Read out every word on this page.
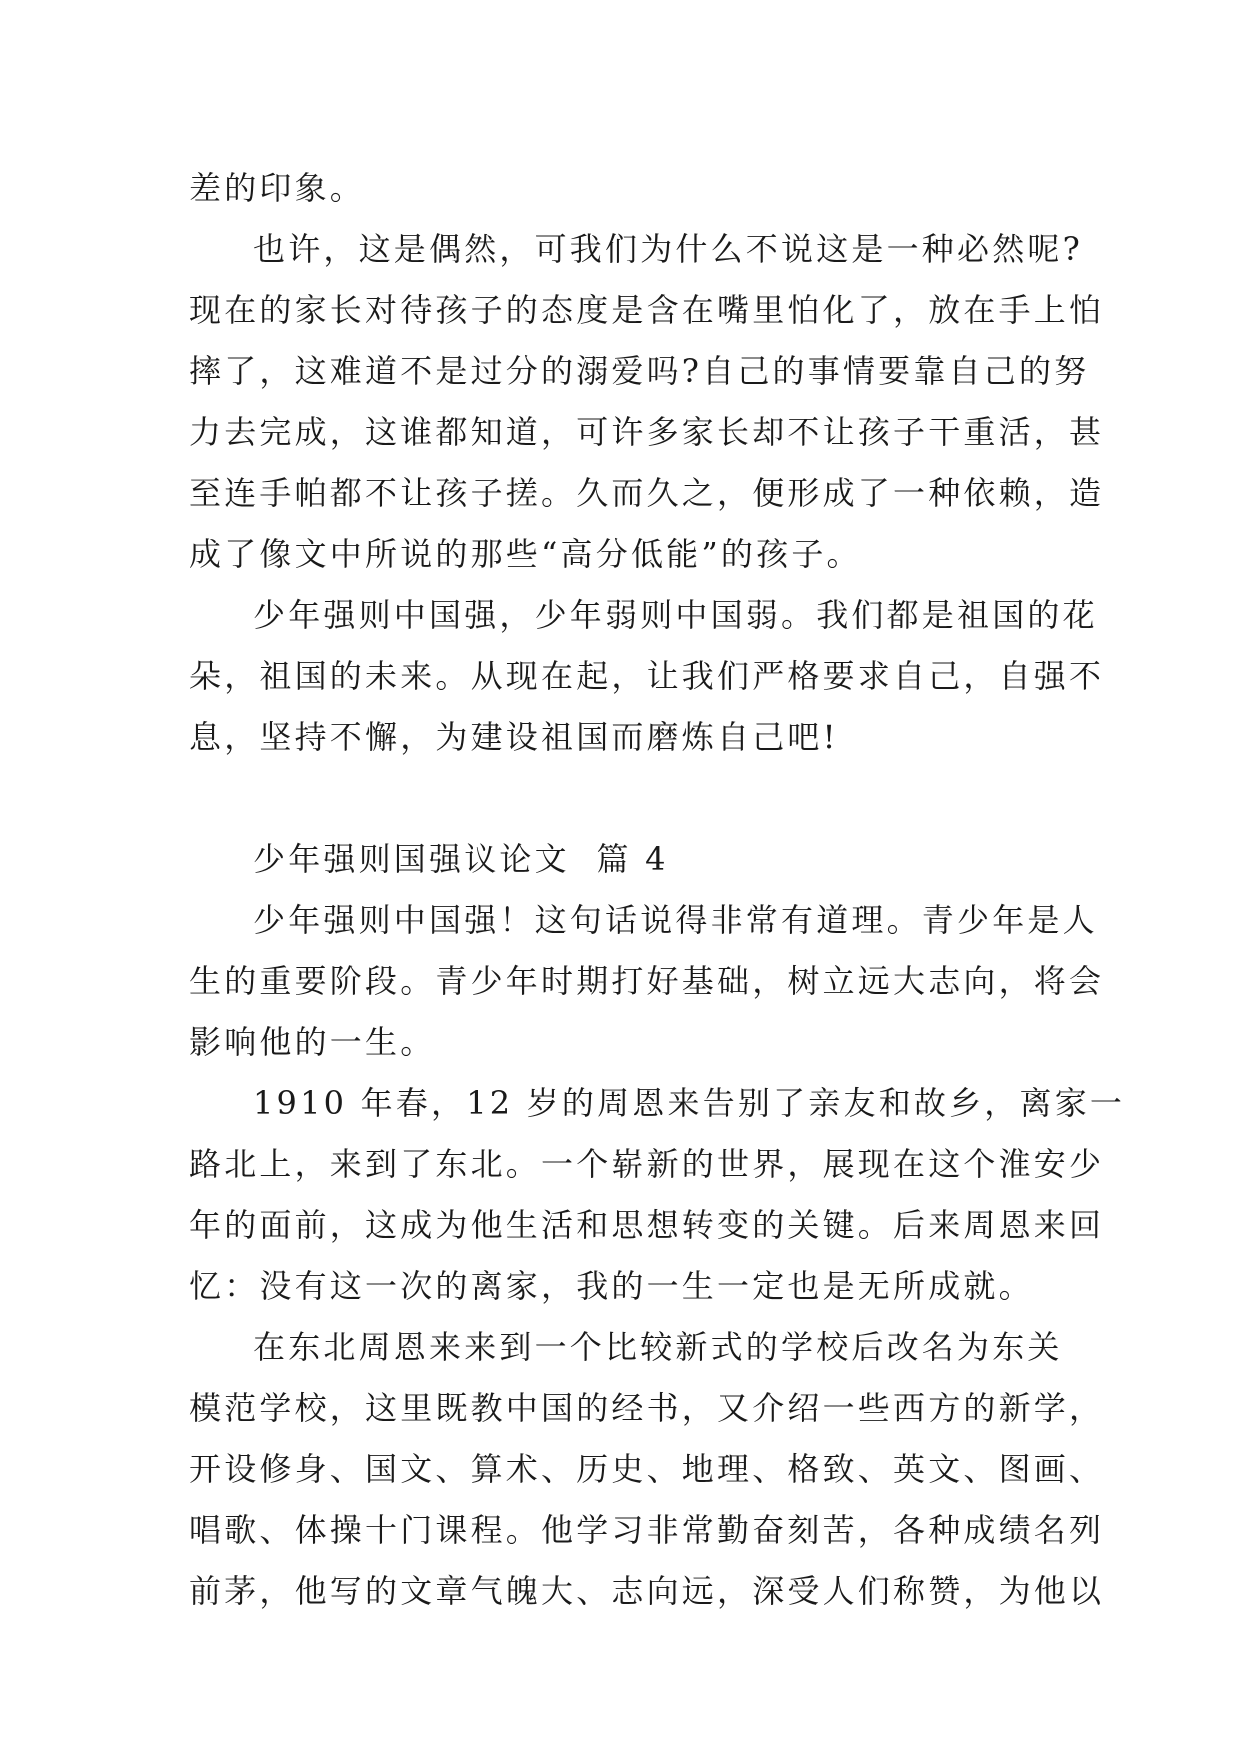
差的印象。
也许，这是偶然，可我们为什么不说这是一种必然呢?
现在的家长对待孩子的态度是含在嘴里怕化了，放在手上怕
摔了，这难道不是过分的溺爱吗?自己的事情要靠自己的努
力去完成，这谁都知道，可许多家长却不让孩子干重活，甚
至连手帕都不让孩子搓。久而久之，便形成了一种依赖，造
成了像文中所说的那些“高分低能”的孩子。
少年强则中国强，少年弱则中国弱。我们都是祖国的花
朵，祖国的未来。从现在起，让我们严格要求自己，自强不
息，坚持不懈，为建设祖国而磨炼自己吧!
少年强则国强议论文  篇 4
少年强则中国强！这句话说得非常有道理。青少年是人
生的重要阶段。青少年时期打好基础，树立远大志向，将会
影响他的一生。
1910 年春，12 岁的周恩来告别了亲友和故乡，离家一
路北上，来到了东北。一个崭新的世界，展现在这个淮安少
年的面前，这成为他生活和思想转变的关键。后来周恩来回
忆：没有这一次的离家，我的一生一定也是无所成就。
在东北周恩来来到一个比较新式的学校后改名为东关
模范学校，这里既教中国的经书，又介绍一些西方的新学，
开设修身、国文、算术、历史、地理、格致、英文、图画、
唱歌、体操十门课程。他学习非常勤奋刻苦，各种成绩名列
前茅，他写的文章气魄大、志向远，深受人们称赞，为他以
